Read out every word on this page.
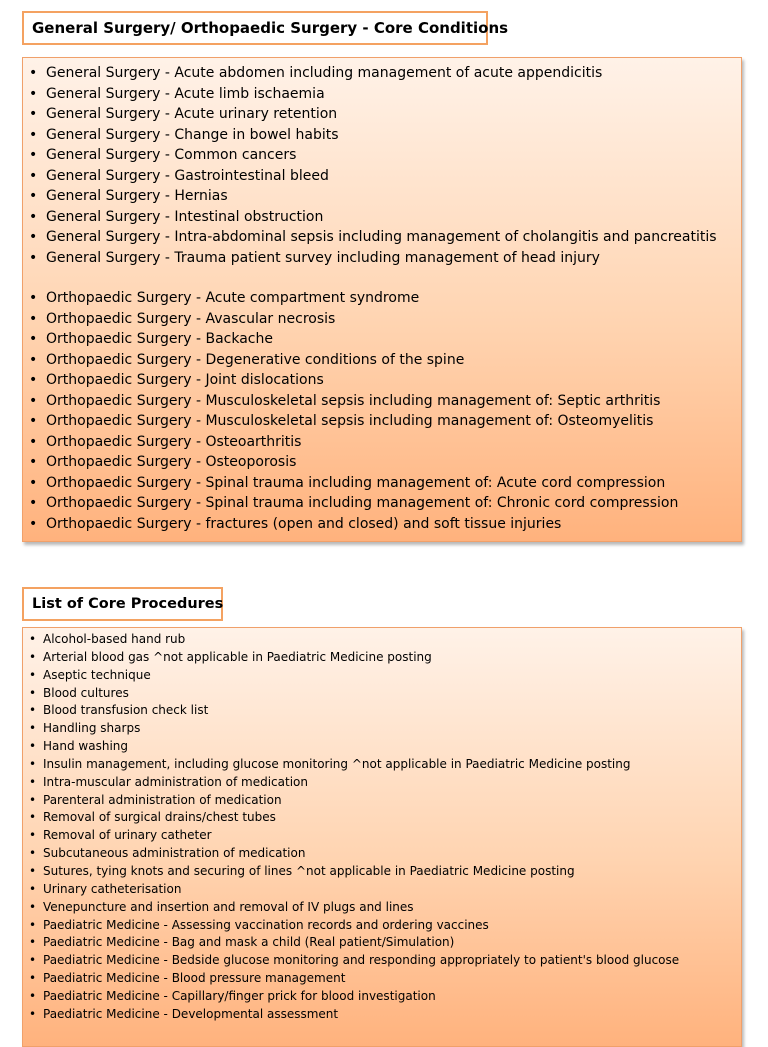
General Surgery/ Orthopaedic Surgery - Core Conditions
• General Surgery - Acute abdomen including management of acute appendicitis
• General Surgery - Acute limb ischaemia
• General Surgery - Acute urinary retention
• General Surgery - Change in bowel habits
• General Surgery - Common cancers
• General Surgery - Gastrointestinal bleed
• General Surgery - Hernias
• General Surgery - Intestinal obstruction
• General Surgery - Intra-abdominal sepsis including management of cholangitis and pancreatitis
• General Surgery - Trauma patient survey including management of head injury
• Orthopaedic Surgery - Acute compartment syndrome
• Orthopaedic Surgery - Avascular necrosis
• Orthopaedic Surgery - Backache
• Orthopaedic Surgery - Degenerative conditions of the spine
• Orthopaedic Surgery - Joint dislocations
• Orthopaedic Surgery - Musculoskeletal sepsis including management of: Septic arthritis
• Orthopaedic Surgery - Musculoskeletal sepsis including management of: Osteomyelitis
• Orthopaedic Surgery - Osteoarthritis
• Orthopaedic Surgery - Osteoporosis
• Orthopaedic Surgery - Spinal trauma including management of: Acute cord compression
• Orthopaedic Surgery - Spinal trauma including management of: Chronic cord compression
• Orthopaedic Surgery - fractures (open and closed) and soft tissue injuries
List of Core Procedures
• Alcohol-based hand rub
• Arterial blood gas ^not applicable in Paediatric Medicine posting
• Aseptic technique
• Blood cultures
• Blood transfusion check list
• Handling sharps
• Hand washing
• Insulin management, including glucose monitoring ^not applicable in Paediatric Medicine posting
• Intra-muscular administration of medication
• Parenteral administration of medication
• Removal of surgical drains/chest tubes
• Removal of urinary catheter
• Subcutaneous administration of medication
• Sutures, tying knots and securing of lines ^not applicable in Paediatric Medicine posting
• Urinary catheterisation
• Venepuncture and insertion and removal of IV plugs and lines
• Paediatric Medicine - Assessing vaccination records and ordering vaccines
• Paediatric Medicine - Bag and mask a child (Real patient/Simulation)
• Paediatric Medicine - Bedside glucose monitoring and responding appropriately to patient's blood glucose
• Paediatric Medicine - Blood pressure management
• Paediatric Medicine - Capillary/finger prick for blood investigation
• Paediatric Medicine - Developmental assessment
